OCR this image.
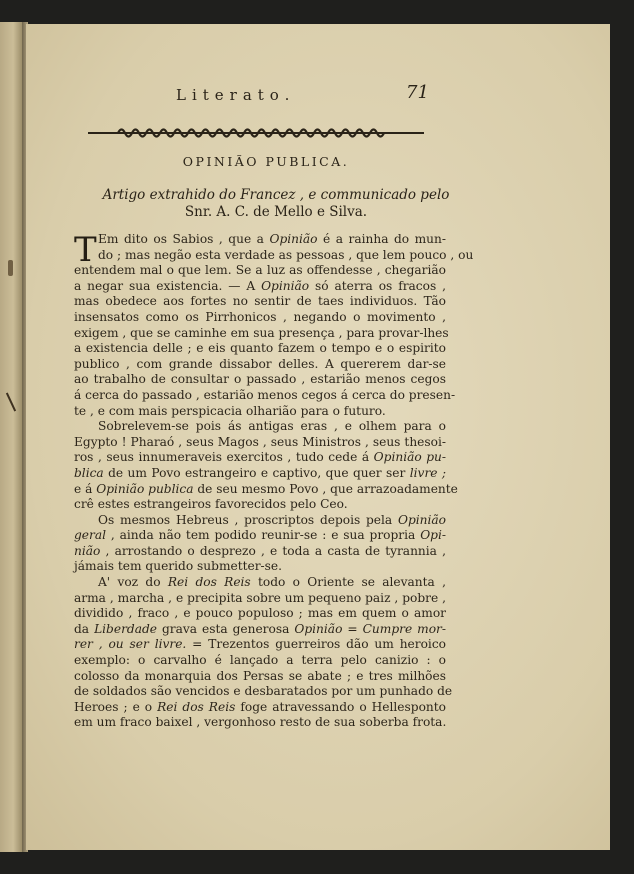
Literato.	71
OPINIÃO PUBLICA.
Artigo extrahido do Francez , e communicado pelo
Snr. A. C. de Mello e Silva.
T Em dito os Sabios , que a Opinião é a rainha do mun-
do ; mas negão esta verdade as pessoas , que lem pouco , ou
entendem mal o que lem. Se a luz as offendesse , chegarião
a negar sua existencia. — A Opinião só aterra os fracos ,
mas obedece aos fortes no sentir de taes individuos. Tão
insensatos como os Pirrhonicos , negando o movimento ,
exigem , que se caminhe em sua presença , para provar-lhes
a existencia delle ; e eis quanto fazem o tempo e o espirito
publico , com grande dissabor delles. A quererem dar-se
ao trabalho de consultar o passado , estarião menos cegos
á cerca do passado , estarião menos cegos á cerca do presen-
te , e com mais perspicacia olharião para o futuro.
Sobrelevem-se pois ás antigas eras , e olhem para o
Egypto ! Pharaó , seus Magos , seus Ministros , seus thesoi-
ros , seus innumeraveis exercitos , tudo cede á Opinião pu-
blica de um Povo estrangeiro e captivo, que quer ser livre ;
e á Opinião publica de seu mesmo Povo , que arrazoadamente
crê estes estrangeiros favorecidos pelo Ceo.
Os mesmos Hebreus , proscriptos depois pela Opinião
geral , ainda não tem podido reunir-se : e sua propria Opi-
nião , arrostando o desprezo , e toda a casta de tyrannia ,
jámais tem querido submetter-se.
A' voz do Rei dos Reis todo o Oriente se alevanta ,
arma , marcha , e precipita sobre um pequeno paiz , pobre ,
dividido , fraco , e pouco populoso ; mas em quem o amor
da Liberdade grava esta generosa Opinião = Cumpre mor-
rer , ou ser livre. = Trezentos guerreiros dão um heroico
exemplo: o carvalho é lançado a terra pelo canizio : o
colosso da monarquia dos Persas se abate ; e tres milhões
de soldados são vencidos e desbaratados por um punhado de
Heroes ; e o Rei dos Reis foge atravessando o Hellesponto
em um fraco baixel , vergonhoso resto de sua soberba frota.
